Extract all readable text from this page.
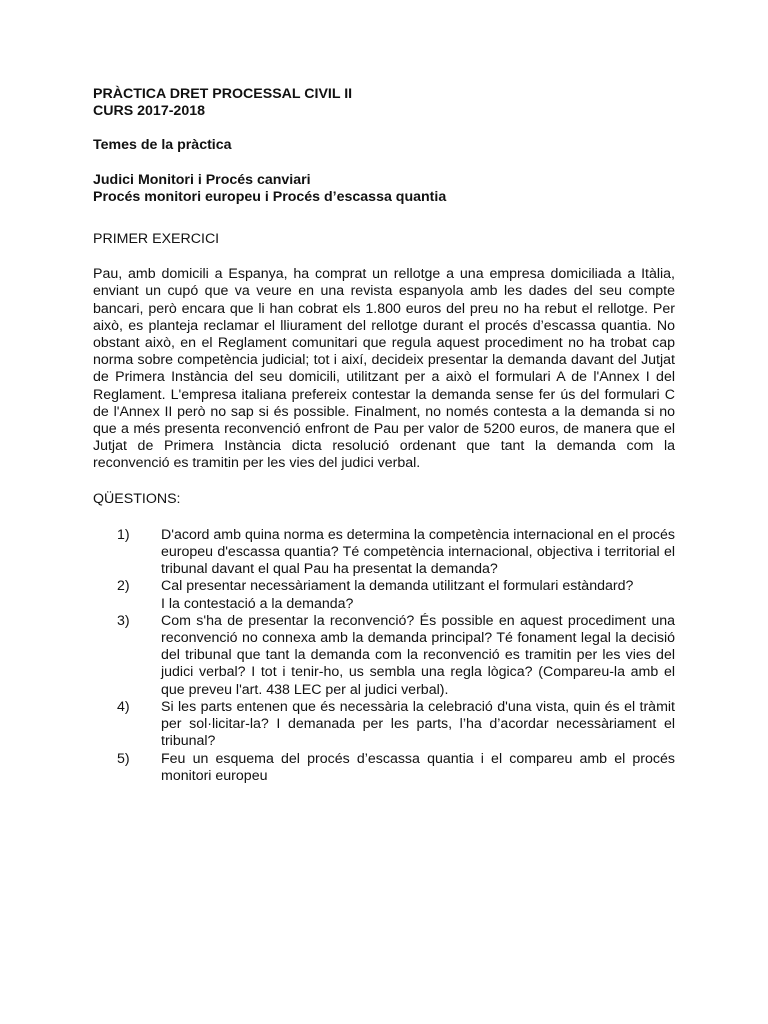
PRÀCTICA DRET PROCESSAL CIVIL II

CURS 2017-2018

Temes de la pràctica

Judici Monitori i Procés canviari

Procés monitori europeu i Procés d’escassa quantia

PRIMER EXERCICI

Pau, amb domicili a Espanya, ha comprat un rellotge a una empresa domiciliada a Itàlia, enviant un cupó que va veure en una revista espanyola amb les dades del seu compte bancari, però encara que li han cobrat els 1.800 euros del preu no ha rebut el rellotge. Per això, es planteja reclamar el lliurament del rellotge durant el procés d’escassa quantia. No obstant això, en el Reglament comunitari que regula aquest procediment no ha trobat cap norma sobre competència judicial; tot i així, decideix presentar la demanda davant del Jutjat de Primera Instància del seu domicili, utilitzant per a això el formulari A de l'Annex I del Reglament. L'empresa italiana prefereix contestar la demanda sense fer ús del formulari C de l'Annex II però no sap si és possible. Finalment, no només contesta a la demanda si no que a més presenta reconvenció enfront de Pau per valor de 5200 euros, de manera que el Jutjat de Primera Instància dicta resolució ordenant que tant la demanda com la reconvenció es tramitin per les vies del judici verbal.

QÜESTIONS:

1)	D'acord amb quina norma es determina la competència internacional en el procés europeu d'escassa quantia? Té competència internacional, objectiva i territorial el tribunal davant el qual Pau ha presentat la demanda?
2)	Cal presentar necessàriament la demanda utilitzant el formulari estàndard?
I la contestació a la demanda?
3)	Com s'ha de presentar la reconvenció? És possible en aquest procediment una reconvenció no connexa amb la demanda principal? Té fonament legal la decisió del tribunal que tant la demanda com la reconvenció es tramitin per les vies del judici verbal? I tot i tenir-ho, us sembla una regla lògica? (Compareu-la amb el que preveu l'art. 438 LEC per al judici verbal).
4)	Si les parts entenen que és necessària la celebració d'una vista, quin és el tràmit per sol·licitar-la? I demanada per les parts, l’ha d’acordar necessàriament el tribunal?
5)	Feu un esquema del procés d’escassa quantia i el compareu amb el procés monitori europeu
